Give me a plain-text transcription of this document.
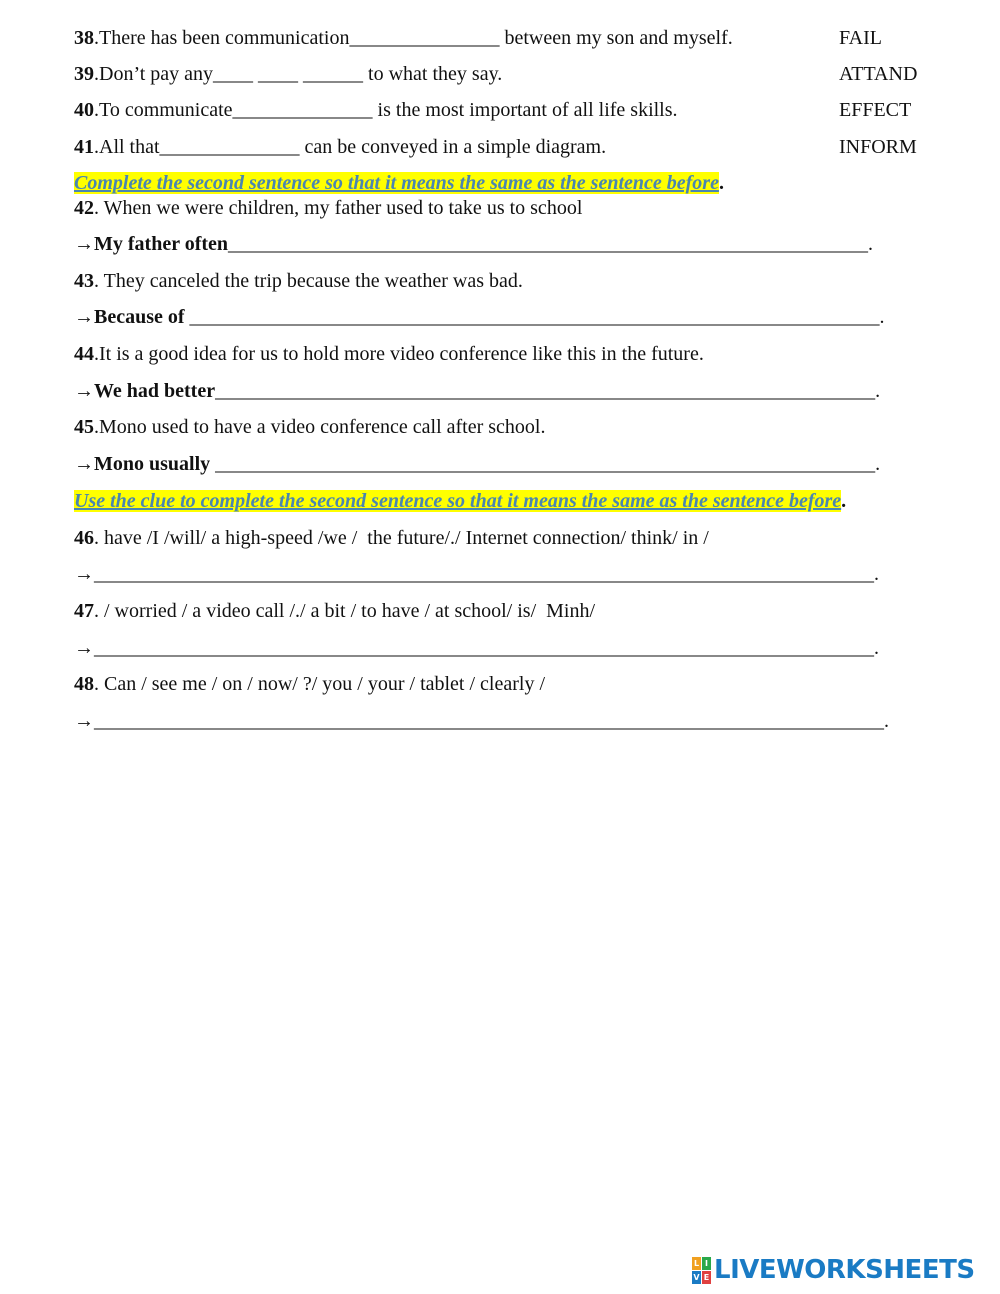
38.There has been communication_______________ between my son and myself.	FAIL
39.Don’t pay any____ ____ ______ to what they say.	ATTAND
40.To communicate______________ is the most important of all life skills.	EFFECT
41.All that______________ can be conveyed in a simple diagram.	INFORM
Complete the second sentence so that it means the same as the sentence before.
42. When we were children, my father used to take us to school
→My father often________________________________________________________________.
43. They canceled the trip because the weather was bad.
→Because of _____________________________________________________________________.
44.It is a good idea for us to hold more video conference like this in the future.
→We had better__________________________________________________________________.
45.Mono used to have a video conference call after school.
→Mono usually __________________________________________________________________.
Use the clue to complete the second sentence so that it means the same as the sentence before.
46. have /I /will/ a high-speed /we /  the future/./ Internet connection/ think/ in /
→______________________________________________________________________________.
47. / worried / a video call /./ a bit / to have / at school/ is/  Minh/
→______________________________________________________________________________.
48. Can / see me / on / now/ ?/ you / your / tablet / clearly /
→_______________________________________________________________________________.
L I
V E LIVEWORKSHEETS
